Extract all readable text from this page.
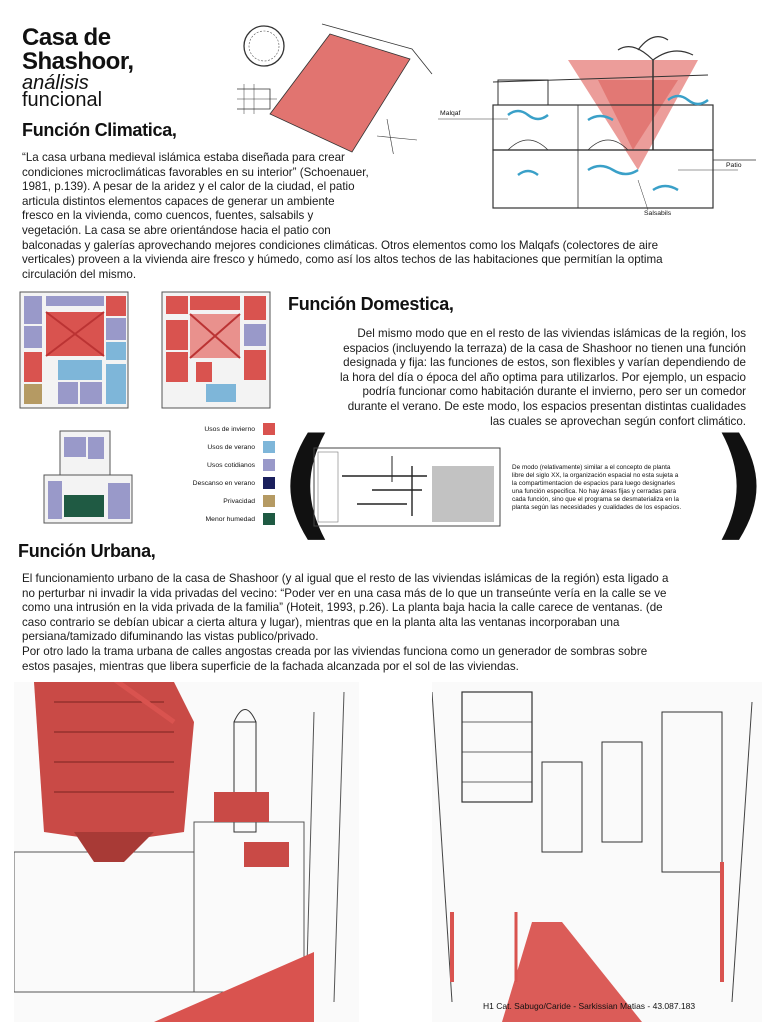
Casa de
Shashoor,
análisis
funcional
Malqaf
Patio
Salsabils
Función Climatica,

“La casa urbana medieval islámica estaba diseñada para crear

condiciones microclimáticas favorables en su interior” (Schoenauer,

1981, p.139). A pesar de la aridez y el calor de la ciudad, el patio

articula distintos elementos capaces de generar un ambiente

fresco en la vivienda, como cuencos, fuentes, salsabils y

vegetación. La casa se abre orientándose hacia el patio con

balconadas y galerías aprovechando mejores condiciones climáticas. Otros elementos como los Malqafs (colectores de aire

verticales) proveen a la vivienda aire fresco y húmedo, como así los altos techos de las habitaciones que permitían la optima

circulación del mismo.

Usos de invierno
Usos de verano
Usos cotidianos
Descanso en verano
Privacidad
Menor humedad
Función Domestica,

Del mismo modo que en el resto de las viviendas islámicas de la región, los

espacios (incluyendo la terraza) de la casa de Shashoor no tienen una función

designada y fija: las funciones de estos, son flexibles y varían dependiendo de

la hora del día o época del año optima para utilizarlos. Por ejemplo, un espacio

podría funcionar como habitación durante el invierno, pero ser un comedor

durante el verano. De este modo, los espacios presentan distintas cualidades

las cuales se aprovechan según confort climático.

(	)
De modo (relativamente) similar a el concepto de planta
libre del siglo XX, la organización espacial no esta sujeta a
la compartimentacion de espacios para luego designarles
una función especifica. No hay áreas fijas y cerradas para
cada función, sino que el programa se desmaterializa en la
planta según las necesidades y cualidades de los espacios.
Función Urbana,

El funcionamiento urbano de la casa de Shashoor (y al igual que el resto de las viviendas islámicas de la región) esta ligado a

no perturbar ni invadir la vida privadas del vecino: “Poder ver en una casa más de lo que un transeúnte vería en la calle se ve

como una intrusión en la vida privada de la familia” (Hoteit, 1993, p.26). La planta baja hacia la calle carece de ventanas. (de

caso contrario se debían ubicar a cierta altura y lugar), mientras que en la planta alta las ventanas incorporaban una

persiana/tamizado difuminando las vistas publico/privado.

Por otro lado la trama urbana de calles angostas creada por las viviendas funciona como un generador de sombras sobre

estos pasajes, mientras que libera superficie de la fachada alcanzada por el sol de las viviendas.

H1 Cat. Sabugo/Caride - Sarkissian Matias - 43.087.183
